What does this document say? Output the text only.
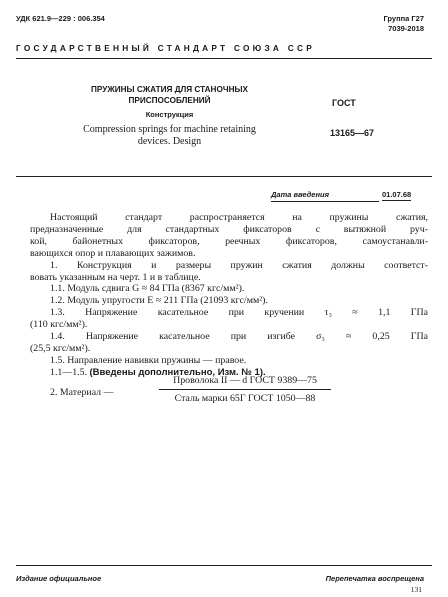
УДК 621.9—229 : 006.354	Группа Г27
7039-2018
ГОСУДАРСТВЕННЫЙ СТАНДАРТ СОЮЗА ССР
ПРУЖИНЫ СЖАТИЯ ДЛЯ СТАНОЧНЫХ
ПРИСПОСОБЛЕНИЙ
Конструкция
Compression springs for machine retaining
devices. Design
ГОСТ
13165—67
Дата введения	01.07.68
Настоящий стандарт распространяется на пружины сжатия,
предназначенные для стандартных фиксаторов с вытяжной руч-
кой, байонетных фиксаторов, реечных фиксаторов, самоустанавли-
вающихся опор и плавающих зажимов.
1. Конструкция и размеры пружин сжатия должны соответст-
вовать указанным на черт. 1 и в таблице.
1.1. Модуль сдвига G ≈ 84 ГПа (8367 кгс/мм²).
1.2. Модуль упругости E ≈ 211 ГПа (21093 кгс/мм²).
1.3. Напряжение касательное при кручении τ₃ ≈ 1,1 ГПа
(110 кгс/мм²).
1.4. Напряжение касательное при изгибе σ₃ ≈ 0,25 ГПа
(25,5 кгс/мм²).
1.5. Направление навивки пружины — правое.
1.1—1.5. (Введены дополнительно, Изм. № 1).
2. Материал —
Проволока II — d ГОСТ 9389—75
Сталь марки 65Г ГОСТ 1050—88
Издание официальное	Перепечатка воспрещена
131
